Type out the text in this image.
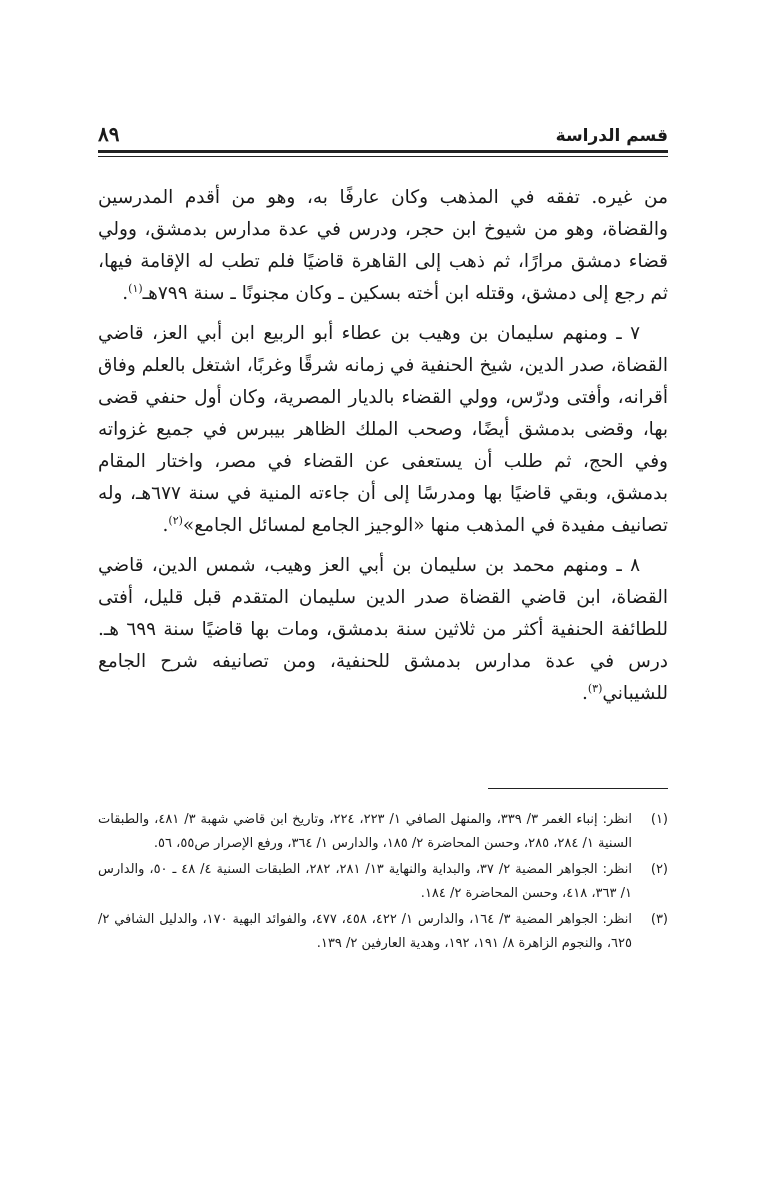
قسم الدراسة
٨٩

من غيره. تفقه في المذهب وكان عارفًا به، وهو من أقدم المدرسين والقضاة، وهو من شيوخ ابن حجر، ودرس في عدة مدارس بدمشق، وولي قضاء دمشق مرارًا، ثم ذهب إلى القاهرة قاضيًا فلم تطب له الإقامة فيها، ثم رجع إلى دمشق، وقتله ابن أخته بسكين ـ وكان مجنونًا ـ سنة ٧٩٩هـ$^{(١)}$.

٧ ـ ومنهم سليمان بن وهيب بن عطاء أبو الربيع ابن أبي العز، قاضي القضاة، صدر الدين، شيخ الحنفية في زمانه شرقًا وغربًا، اشتغل بالعلم وفاق أقرانه، وأفتى ودرّس، وولي القضاء بالديار المصرية، وكان أول حنفي قضى بها، وقضى بدمشق أيضًا، وصحب الملك الظاهر بيبرس في جميع غزواته وفي الحج، ثم طلب أن يستعفى عن القضاء في مصر، واختار المقام بدمشق، وبقي قاضيًا بها ومدرسًا إلى أن جاءته المنية في سنة ٦٧٧هـ، وله تصانيف مفيدة في المذهب منها «الوجيز الجامع لمسائل الجامع»$^{(٢)}$.

٨ ـ ومنهم محمد بن سليمان بن أبي العز وهيب، شمس الدين، قاضي القضاة، ابن قاضي القضاة صدر الدين سليمان المتقدم قبل قليل، أفتى للطائفة الحنفية أكثر من ثلاثين سنة بدمشق، ومات بها قاضيًا سنة ٦٩٩ هـ. درس في عدة مدارس بدمشق للحنفية، ومن تصانيفه شرح الجامع للشيباني$^{(٣)}$.

(١)
انظر: إنباء الغمر ٣/ ٣٣٩، والمنهل الصافي ١/ ٢٢٣، ٢٢٤، وتاريخ ابن قاضي شهبة ٣/ ٤٨١، والطبقات السنية ١/ ٢٨٤، ٢٨٥، وحسن المحاضرة ٢/ ١٨٥، والدارس ١/ ٣٦٤، ورفع الإصرار ص٥٥، ٥٦.
(٢)
انظر: الجواهر المضية ٢/ ٣٧، والبداية والنهاية ١٣/ ٢٨١، ٢٨٢، الطبقات السنية ٤/ ٤٨ ـ ٥٠، والدارس ١/ ٣٦٣، ٤١٨، وحسن المحاضرة ٢/ ١٨٤.
(٣)
انظر: الجواهر المضية ٣/ ١٦٤، والدارس ١/ ٤٢٢، ٤٥٨، ٤٧٧، والفوائد البهية ١٧٠، والدليل الشافي ٢/ ٦٢٥، والنجوم الزاهرة ٨/ ١٩١، ١٩٢، وهدية العارفين ٢/ ١٣٩.
